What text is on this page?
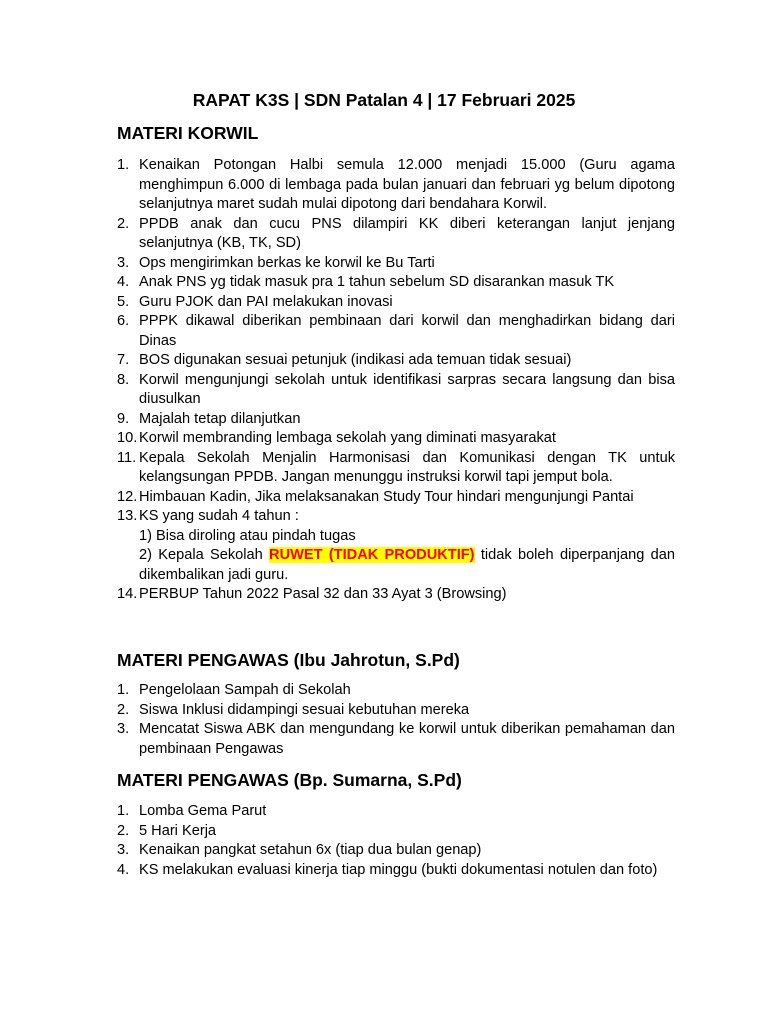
RAPAT K3S | SDN Patalan 4 | 17 Februari 2025
MATERI KORWIL
1. Kenaikan Potongan Halbi semula 12.000 menjadi 15.000 (Guru agama menghimpun 6.000 di lembaga pada bulan januari dan februari yg belum dipotong selanjutnya maret sudah mulai dipotong dari bendahara Korwil.
2. PPDB anak dan cucu PNS dilampiri KK diberi keterangan lanjut jenjang selanjutnya (KB, TK, SD)
3. Ops mengirimkan berkas ke korwil ke Bu Tarti
4. Anak PNS yg tidak masuk pra 1 tahun sebelum SD disarankan masuk TK
5. Guru PJOK dan PAI melakukan inovasi
6. PPPK dikawal diberikan pembinaan dari korwil dan menghadirkan bidang dari Dinas
7. BOS digunakan sesuai petunjuk (indikasi ada temuan tidak sesuai)
8. Korwil mengunjungi sekolah untuk identifikasi sarpras secara langsung dan bisa diusulkan
9. Majalah tetap dilanjutkan
10. Korwil membranding lembaga sekolah yang diminati masyarakat
11. Kepala Sekolah Menjalin Harmonisasi dan Komunikasi dengan TK untuk kelangsungan PPDB. Jangan menunggu instruksi korwil tapi jemput bola.
12. Himbauan Kadin, Jika melaksanakan Study Tour hindari mengunjungi Pantai
13. KS yang sudah 4 tahun :
1) Bisa diroling atau pindah tugas
2) Kepala Sekolah RUWET (TIDAK PRODUKTIF) tidak boleh diperpanjang dan dikembalikan jadi guru.
14. PERBUP Tahun 2022 Pasal 32 dan 33 Ayat 3 (Browsing)
MATERI PENGAWAS (Ibu Jahrotun, S.Pd)
1. Pengelolaan Sampah di Sekolah
2. Siswa Inklusi didampingi sesuai kebutuhan mereka
3. Mencatat Siswa ABK dan mengundang ke korwil untuk diberikan pemahaman dan pembinaan Pengawas
MATERI PENGAWAS (Bp. Sumarna, S.Pd)
1. Lomba Gema Parut
2. 5 Hari Kerja
3. Kenaikan pangkat setahun 6x (tiap dua bulan genap)
4. KS melakukan evaluasi kinerja tiap minggu (bukti dokumentasi notulen dan foto)
